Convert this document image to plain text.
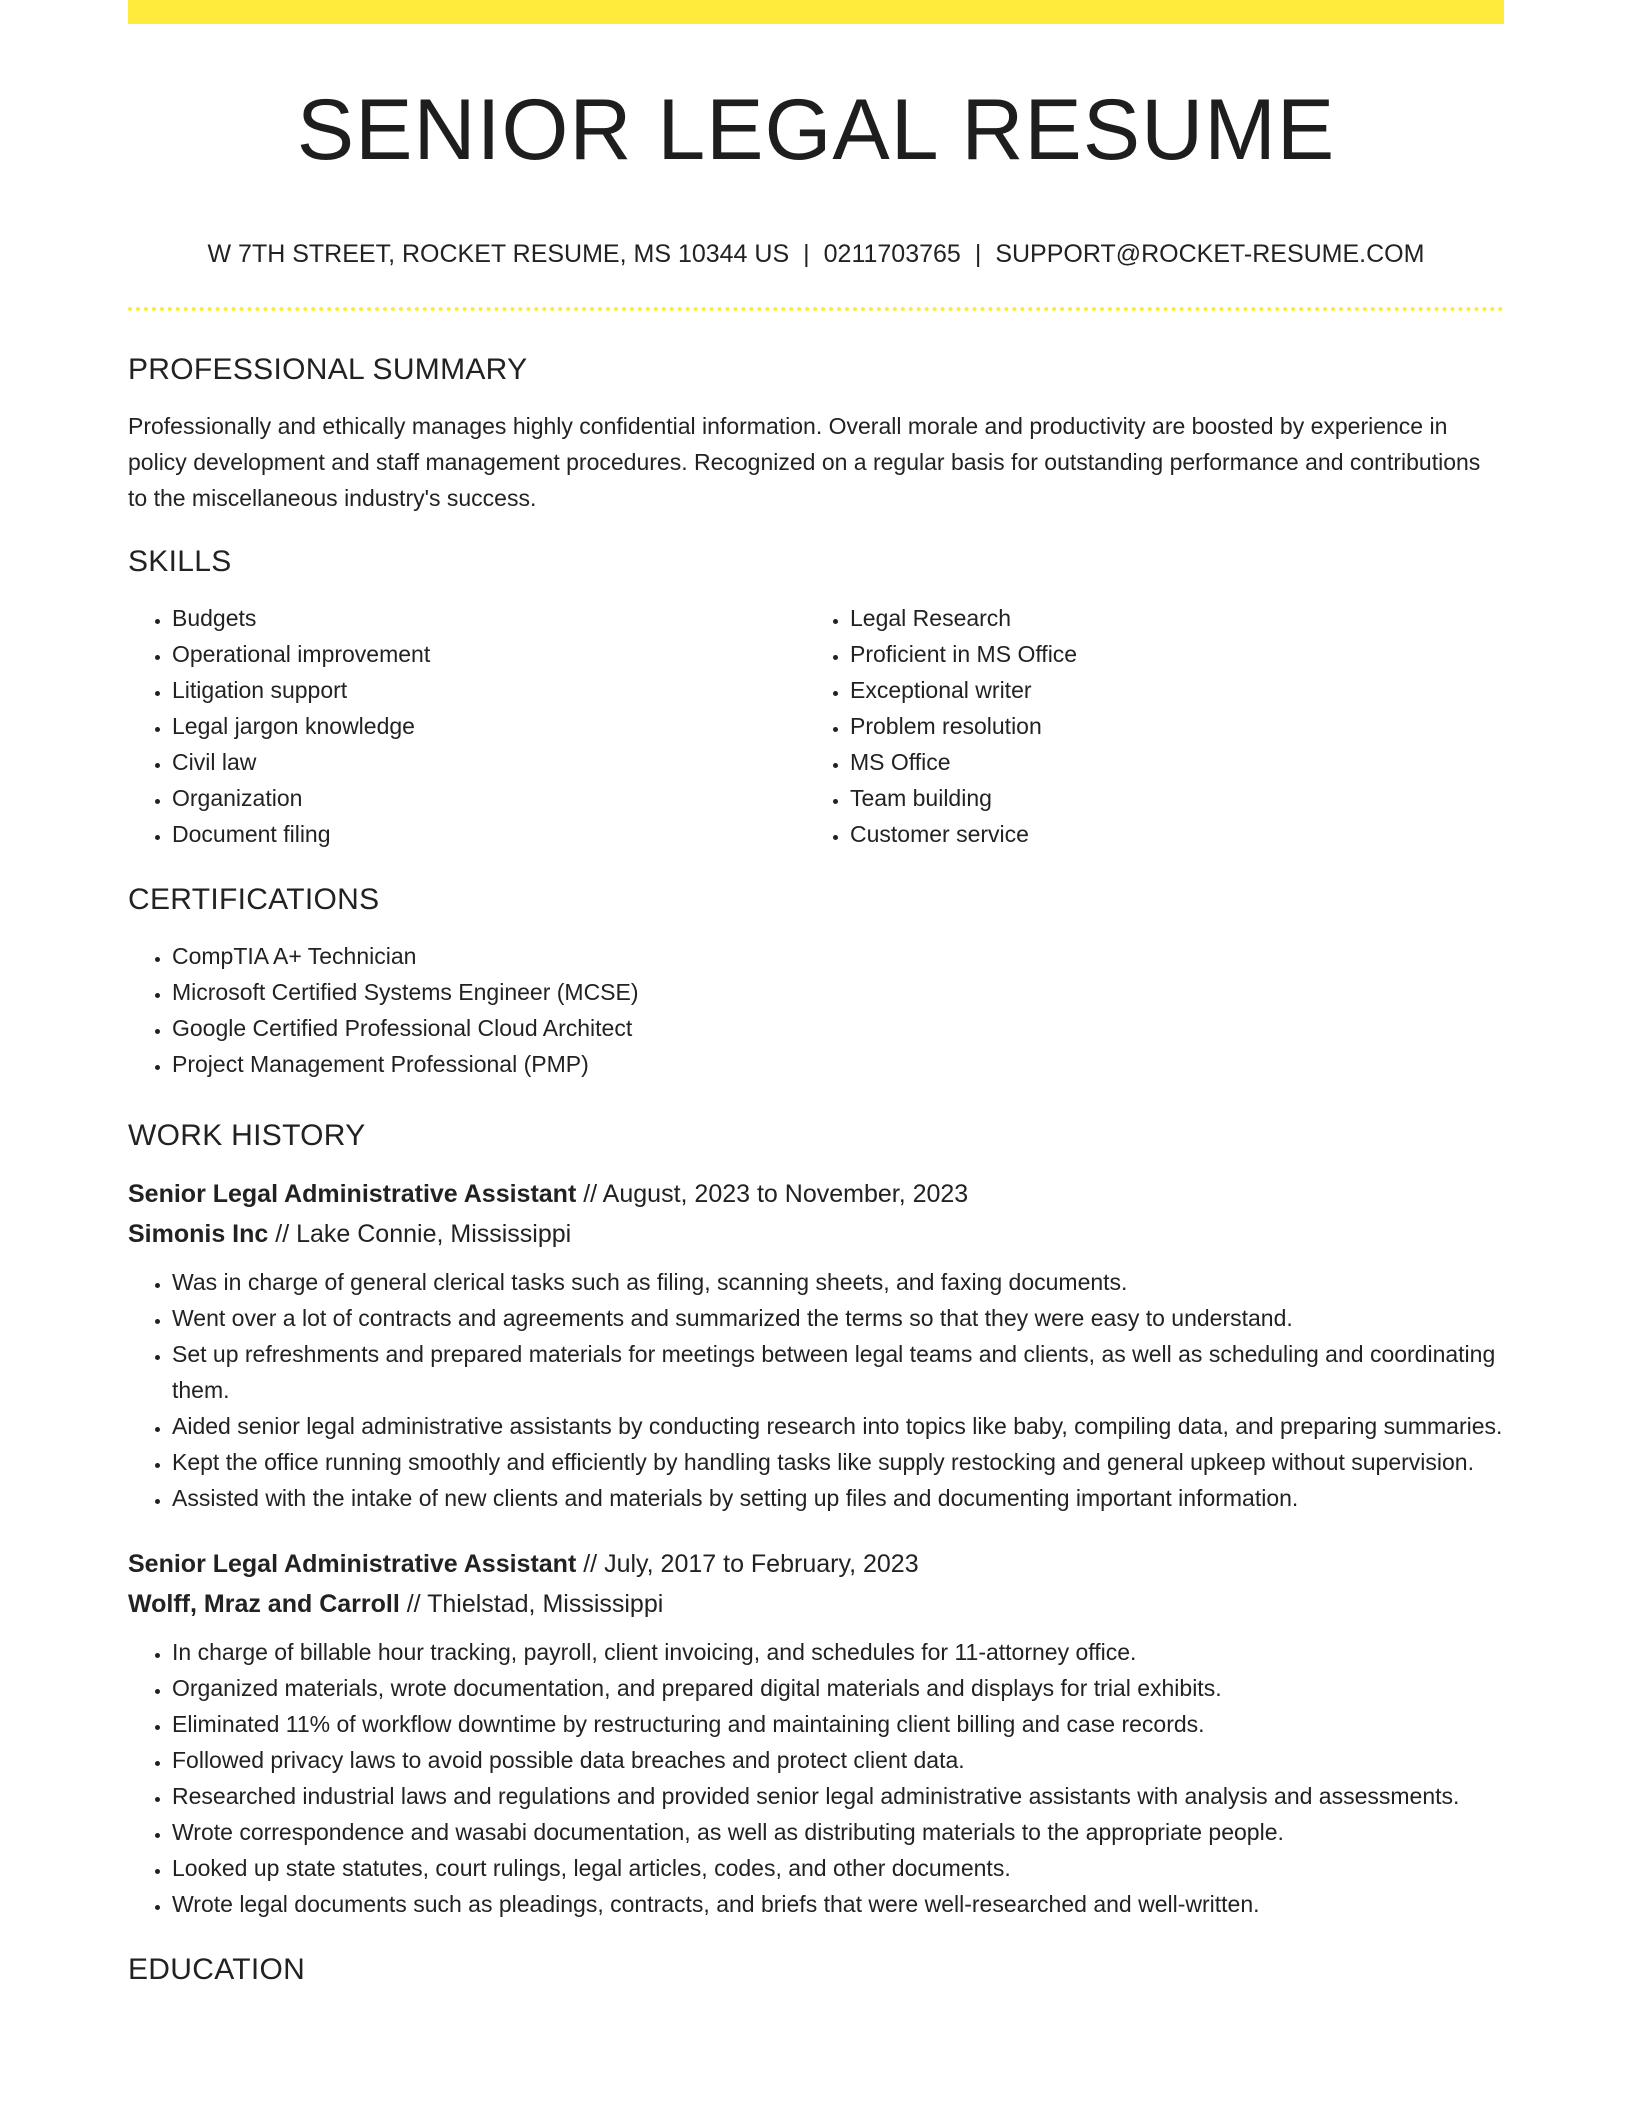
SENIOR LEGAL RESUME
W 7TH STREET, ROCKET RESUME, MS 10344 US | 0211703765 | SUPPORT@ROCKET-RESUME.COM
PROFESSIONAL SUMMARY

Professionally and ethically manages highly confidential information. Overall morale and productivity are boosted by experience in policy development and staff management procedures. Recognized on a regular basis for outstanding performance and contributions to the miscellaneous industry's success.

SKILLS
• Budgets
• Operational improvement
• Litigation support
• Legal jargon knowledge
• Civil law
• Organization
• Document filing
• Legal Research
• Proficient in MS Office
• Exceptional writer
• Problem resolution
• MS Office
• Team building
• Customer service
CERTIFICATIONS
• CompTIA A+ Technician
• Microsoft Certified Systems Engineer (MCSE)
• Google Certified Professional Cloud Architect
• Project Management Professional (PMP)
WORK HISTORY
Senior Legal Administrative Assistant // August, 2023 to November, 2023
Simonis Inc // Lake Connie, Mississippi
• Was in charge of general clerical tasks such as filing, scanning sheets, and faxing documents.
• Went over a lot of contracts and agreements and summarized the terms so that they were easy to understand.
• Set up refreshments and prepared materials for meetings between legal teams and clients, as well as scheduling and coordinating them.
• Aided senior legal administrative assistants by conducting research into topics like baby, compiling data, and preparing summaries.
• Kept the office running smoothly and efficiently by handling tasks like supply restocking and general upkeep without supervision.
• Assisted with the intake of new clients and materials by setting up files and documenting important information.
Senior Legal Administrative Assistant // July, 2017 to February, 2023
Wolff, Mraz and Carroll // Thielstad, Mississippi
• In charge of billable hour tracking, payroll, client invoicing, and schedules for 11-attorney office.
• Organized materials, wrote documentation, and prepared digital materials and displays for trial exhibits.
• Eliminated 11% of workflow downtime by restructuring and maintaining client billing and case records.
• Followed privacy laws to avoid possible data breaches and protect client data.
• Researched industrial laws and regulations and provided senior legal administrative assistants with analysis and assessments.
• Wrote correspondence and wasabi documentation, as well as distributing materials to the appropriate people.
• Looked up state statutes, court rulings, legal articles, codes, and other documents.
• Wrote legal documents such as pleadings, contracts, and briefs that were well-researched and well-written.
EDUCATION
